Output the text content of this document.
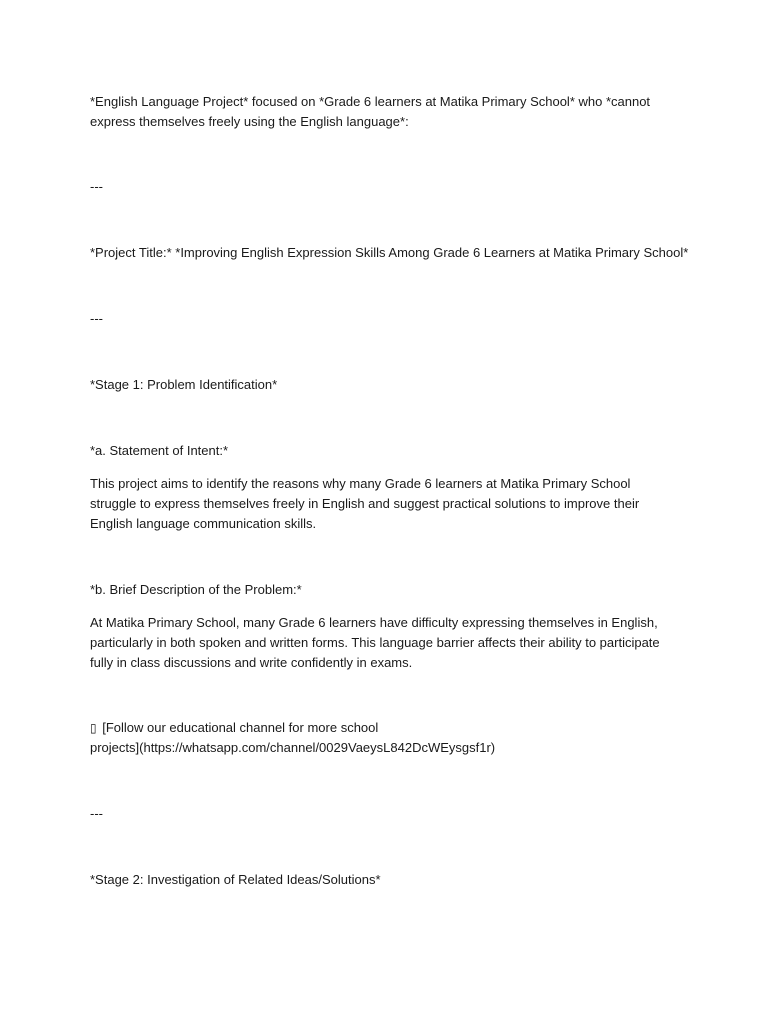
*English Language Project* focused on *Grade 6 learners at Matika Primary School* who *cannot express themselves freely using the English language*:

---

*Project Title:* *Improving English Expression Skills Among Grade 6 Learners at Matika Primary School*

---

*Stage 1: Problem Identification*

*a. Statement of Intent:*

This project aims to identify the reasons why many Grade 6 learners at Matika Primary School struggle to express themselves freely in English and suggest practical solutions to improve their English language communication skills.

*b. Brief Description of the Problem:*

At Matika Primary School, many Grade 6 learners have difficulty expressing themselves in English, particularly in both spoken and written forms. This language barrier affects their ability to participate fully in class discussions and write confidently in exams.

▯ [Follow our educational channel for more school
projects](https://whatsapp.com/channel/0029VaeysL842DcWEysgsf1r)

---

*Stage 2: Investigation of Related Ideas/Solutions*
